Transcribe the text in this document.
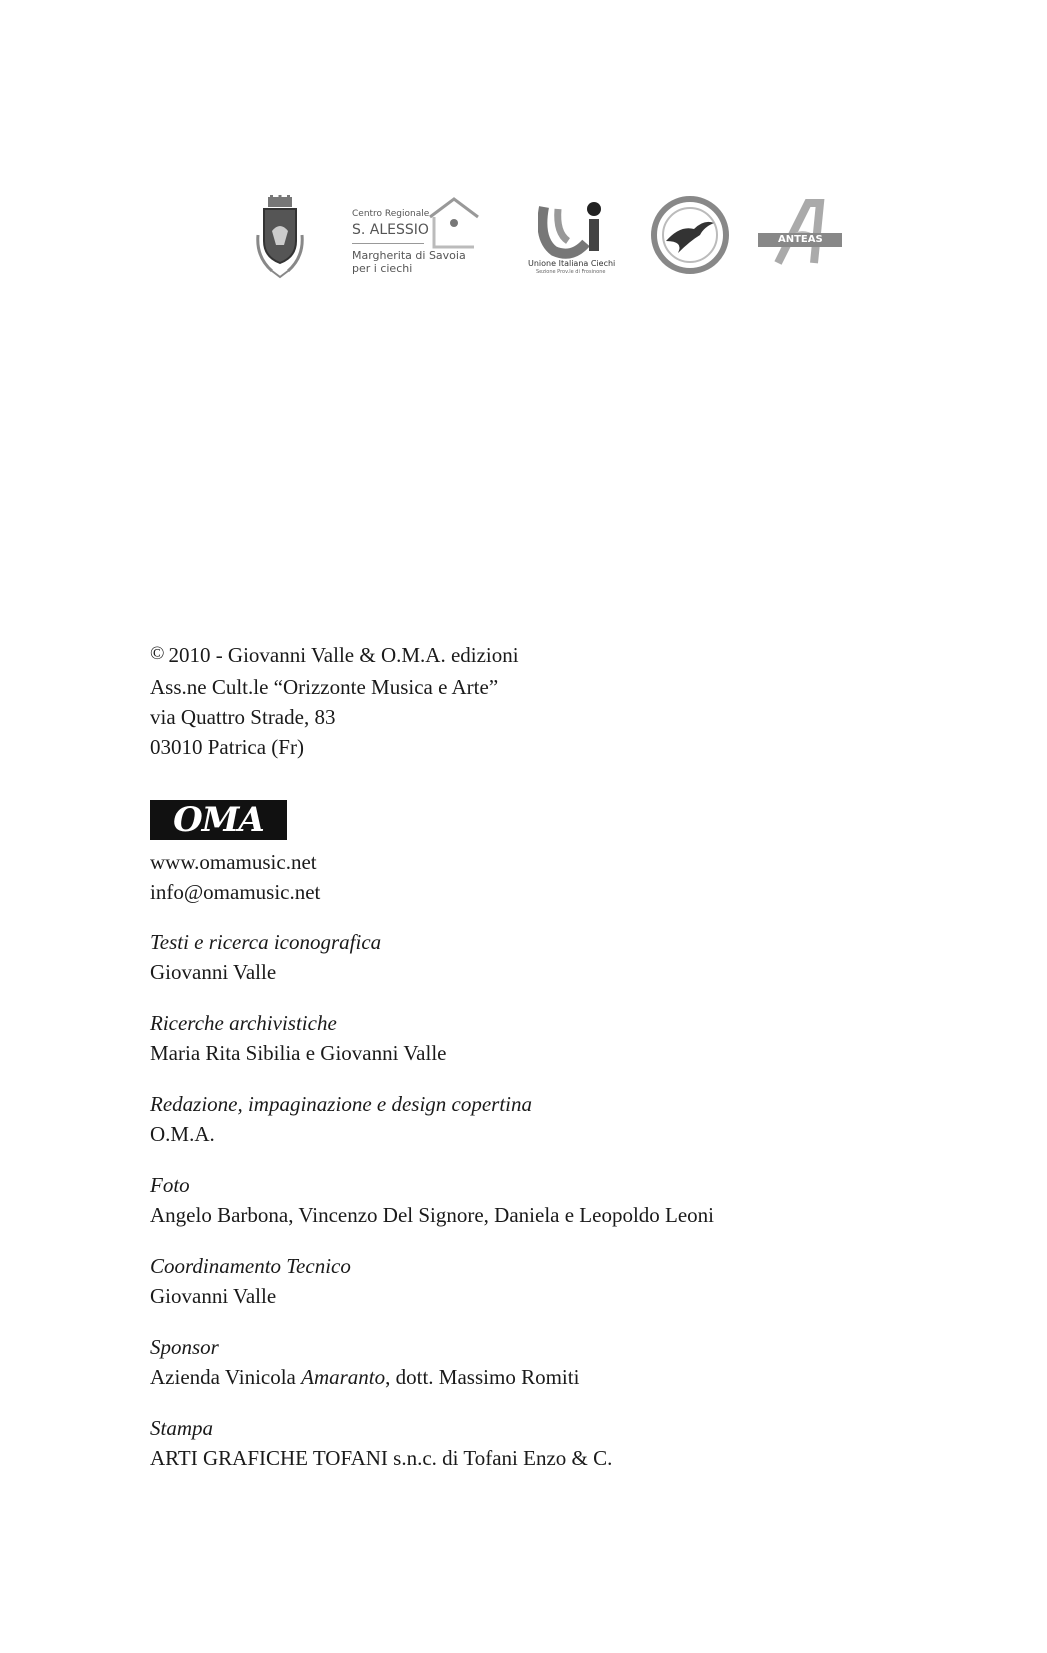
Centro Regionale
S. ALESSIO
Margherita di Savoia
per i ciechi	Unione Italiana Ciechi
Sezione Prov.le di Frosinone
ANTEAS

© 2010 - Giovanni Valle & O.M.A. edizioni

Ass.ne Cult.le “Orizzonte Musica e Arte”

via Quattro Strade, 83

03010 Patrica (Fr)

OMA

www.omamusic.net

info@omamusic.net

Testi e ricerca iconografica

Giovanni Valle

Ricerche archivistiche

Maria Rita Sibilia e Giovanni Valle

Redazione, impaginazione e design copertina

O.M.A.

Foto

Angelo Barbona, Vincenzo Del Signore, Daniela e Leopoldo Leoni

Coordinamento Tecnico

Giovanni Valle

Sponsor

Azienda Vinicola Amaranto, dott. Massimo Romiti

Stampa

ARTI GRAFICHE TOFANI s.n.c. di Tofani Enzo & C.
